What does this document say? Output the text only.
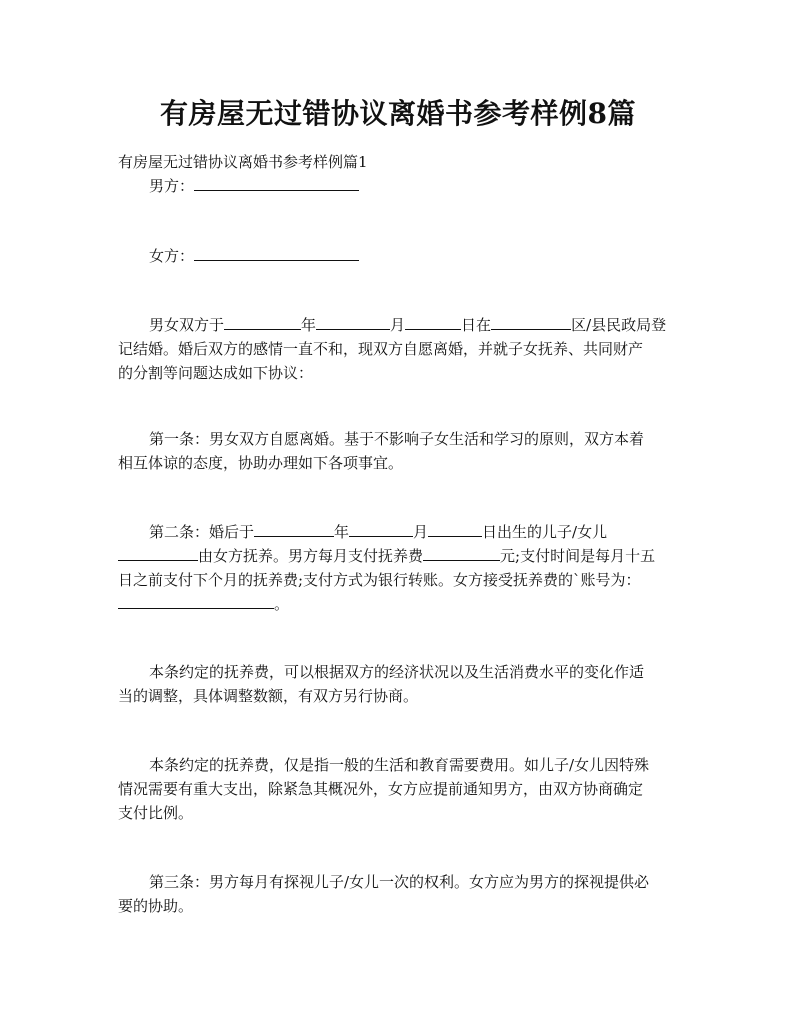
有房屋无过错协议离婚书参考样例8篇
有房屋无过错协议离婚书参考样例篇1
男方：
女方：
男女双方于	年	月	日在	区/县民政局登
记结婚。婚后双方的感情一直不和，现双方自愿离婚，并就子女抚养、共同财产
的分割等问题达成如下协议：
第一条：男女双方自愿离婚。基于不影响子女生活和学习的原则，双方本着
相互体谅的态度，协助办理如下各项事宜。
第二条：婚后于	年	月	日出生的儿子/女儿
由女方抚养。男方每月支付抚养费	元;支付时间是每月十五
日之前支付下个月的抚养费;支付方式为银行转账。女方接受抚养费的`账号为：
。
本条约定的抚养费，可以根据双方的经济状况以及生活消费水平的变化作适
当的调整，具体调整数额，有双方另行协商。
本条约定的抚养费，仅是指一般的生活和教育需要费用。如儿子/女儿因特殊
情况需要有重大支出，除紧急其概况外，女方应提前通知男方，由双方协商确定
支付比例。
第三条：男方每月有探视儿子/女儿一次的权利。女方应为男方的探视提供必
要的协助。
